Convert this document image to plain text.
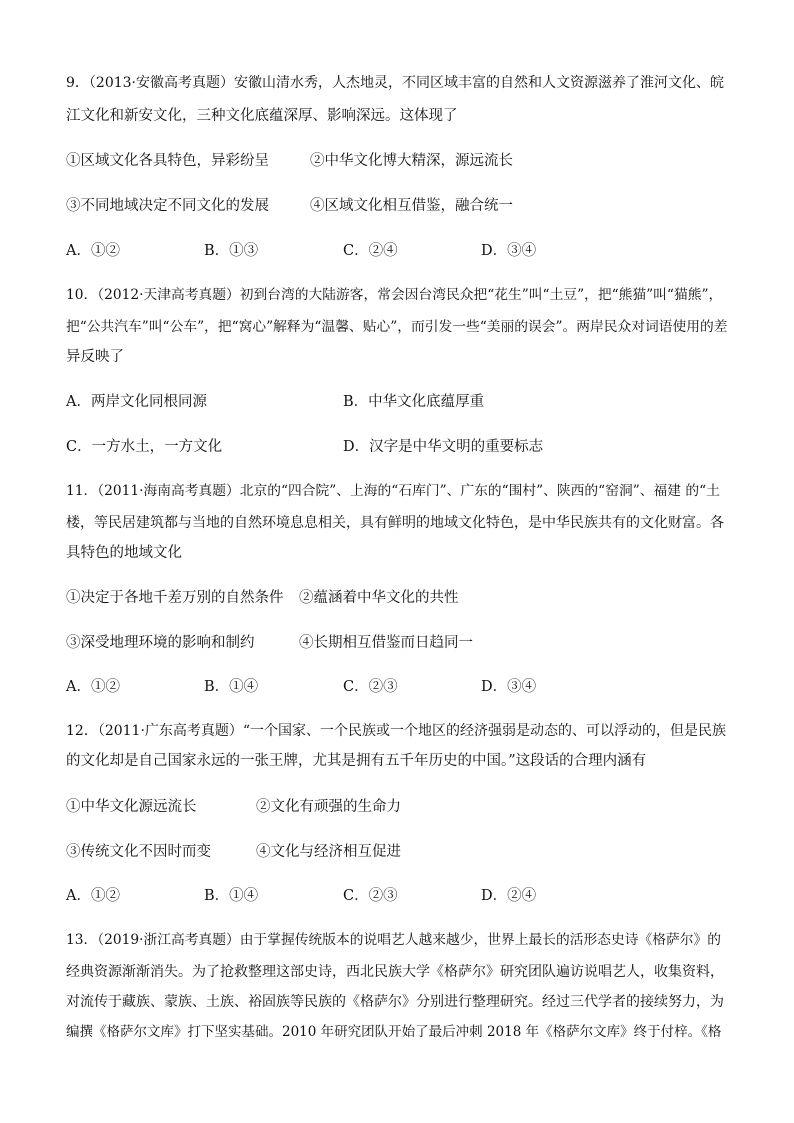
9．（2013·安徽高考真题）安徽山清水秀，人杰地灵，不同区域丰富的自然和人文资源滋养了淮河文化、皖
江文化和新安文化，三种文化底蕴深厚、影响深远。这体现了
①区域文化各具特色，异彩纷呈	②中华文化博大精深，源远流长
③不同地域决定不同文化的发展	④区域文化相互借鉴，融合统一
A．①②	B．①③	C．②④	D．③④
10．（2012·天津高考真题）初到台湾的大陆游客，常会因台湾民众把“花生”叫“土豆”，把“熊猫”叫“猫熊”，
把“公共汽车”叫“公车”，把“窝心”解释为“温馨、贴心”，而引发一些“美丽的误会”。两岸民众对词语使用的差
异反映了
A．两岸文化同根同源	B．中华文化底蕴厚重
C．一方水土，一方文化	D．汉字是中华文明的重要标志
11．（2011·海南高考真题）北京的“四合院”、上海的“石库门”、广东的“围村”、陕西的“窑洞”、福建 的“土
楼，等民居建筑都与当地的自然环境息息相关，具有鲜明的地域文化特色，是中华民族共有的文化财富。各
具特色的地域文化
①决定于各地千差万别的自然条件 ②蕴涵着中华文化的共性
③深受地理环境的影响和制约	④长期相互借鉴而日趋同一
A．①②	B．①④	C．②③	D．③④
12．（2011·广东高考真题）“一个国家、一个民族或一个地区的经济强弱是动态的、可以浮动的，但是民族
的文化却是自己国家永远的一张王牌，尤其是拥有五千年历史的中国。”这段话的合理内涵有
①中华文化源远流长	②文化有顽强的生命力
③传统文化不因时而变	④文化与经济相互促进
A．①②	B．①④	C．②③	D．②④
13．（2019·浙江高考真题）由于掌握传统版本的说唱艺人越来越少，世界上最长的活形态史诗《格萨尔》的
经典资源渐渐消失。为了抢救整理这部史诗，西北民族大学《格萨尔》研究团队遍访说唱艺人，收集资料，
对流传于藏族、蒙族、土族、裕固族等民族的《格萨尔》分别进行整理研究。经过三代学者的接续努力，为
编撰《格萨尔文库》打下坚实基础。2010 年研究团队开始了最后冲刺 2018 年《格萨尔文库》终于付梓。《格
